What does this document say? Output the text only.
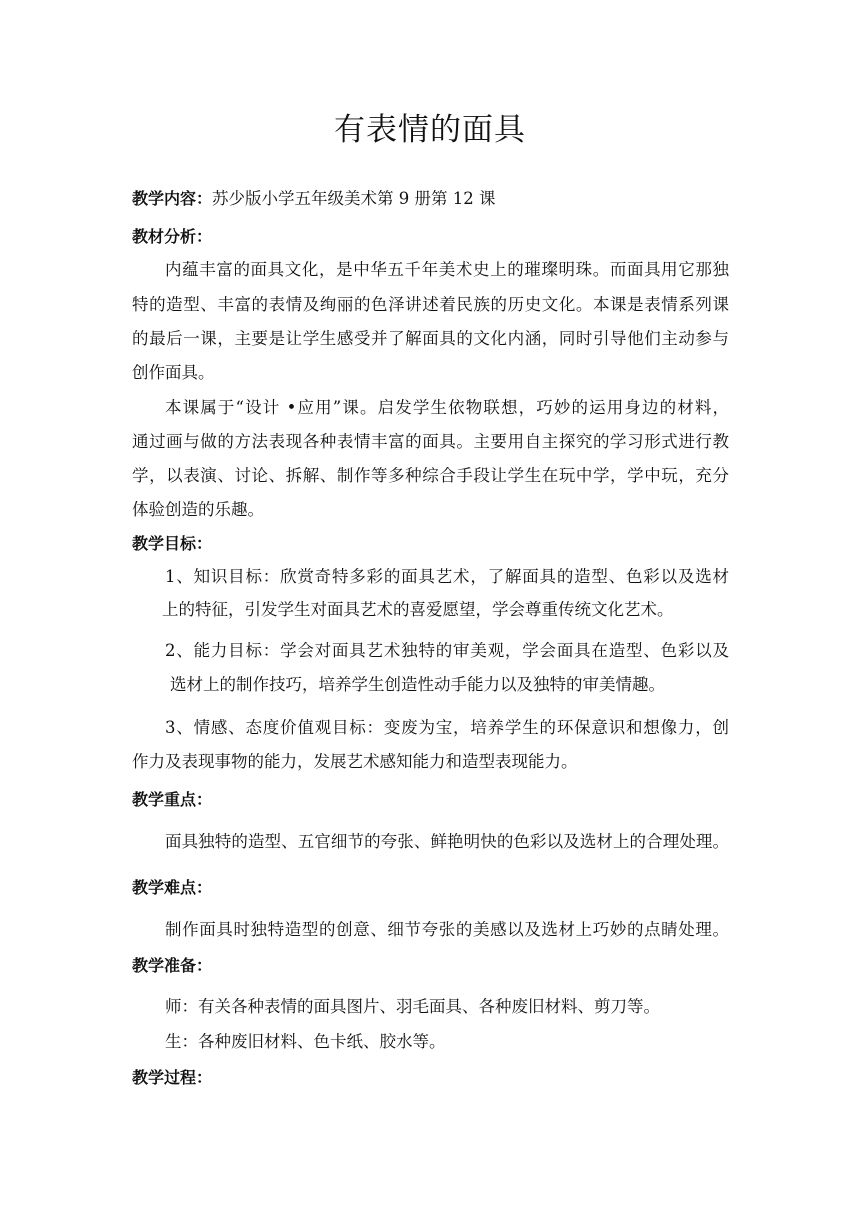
有表情的面具
教学内容：苏少版小学五年级美术第 9 册第 12 课
教材分析：
内蕴丰富的面具文化，是中华五千年美术史上的璀璨明珠。而面具用它那独
特的造型、丰富的表情及绚丽的色泽讲述着民族的历史文化。本课是表情系列课
的最后一课，主要是让学生感受并了解面具的文化内涵，同时引导他们主动参与
创作面具。
本课属于“设计 •应用”课。启发学生依物联想，巧妙的运用身边的材料，
通过画与做的方法表现各种表情丰富的面具。主要用自主探究的学习形式进行教
学，以表演、讨论、拆解、制作等多种综合手段让学生在玩中学，学中玩，充分
体验创造的乐趣。
教学目标：
1、知识目标：欣赏奇特多彩的面具艺术，了解面具的造型、色彩以及选材
上的特征，引发学生对面具艺术的喜爱愿望，学会尊重传统文化艺术。
2、能力目标：学会对面具艺术独特的审美观，学会面具在造型、色彩以及
选材上的制作技巧，培养学生创造性动手能力以及独特的审美情趣。
3、情感、态度价值观目标：变废为宝，培养学生的环保意识和想像力，创
作力及表现事物的能力，发展艺术感知能力和造型表现能力。
教学重点：
面具独特的造型、五官细节的夸张、鲜艳明快的色彩以及选材上的合理处理。
教学难点：
制作面具时独特造型的创意、细节夸张的美感以及选材上巧妙的点睛处理。
教学准备：
师：有关各种表情的面具图片、羽毛面具、各种废旧材料、剪刀等。
生：各种废旧材料、色卡纸、胶水等。
教学过程：
